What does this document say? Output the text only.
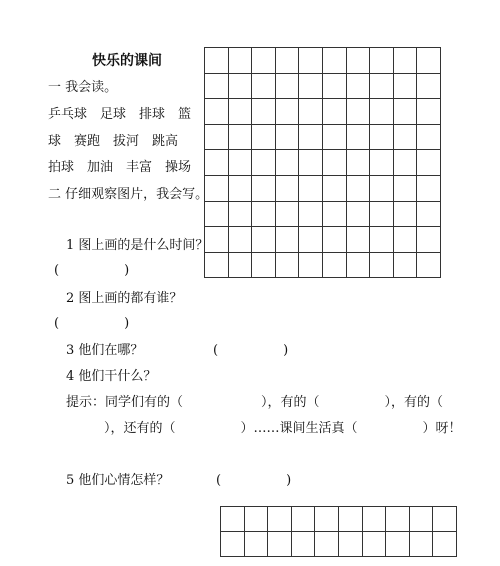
快乐的课间
一 我会读。
乒乓球　足球　排球　篮
球　赛跑　拔河　跳高
拍球　加油　丰富　操场
二 仔细观察图片，我会写。
1 图上画的是什么时间？
(　　　　　)
2 图上画的都有谁？
(　　　　　)
3 他们在哪？	(　　　　　)
4 他们干什么？
提示：同学们有的（　　　　　　），有的（　　　　　），有的（
），还有的（　　　　　）……课间生活真（　　　　　）呀！
5 他们心情怎样？	(　　　　　)
